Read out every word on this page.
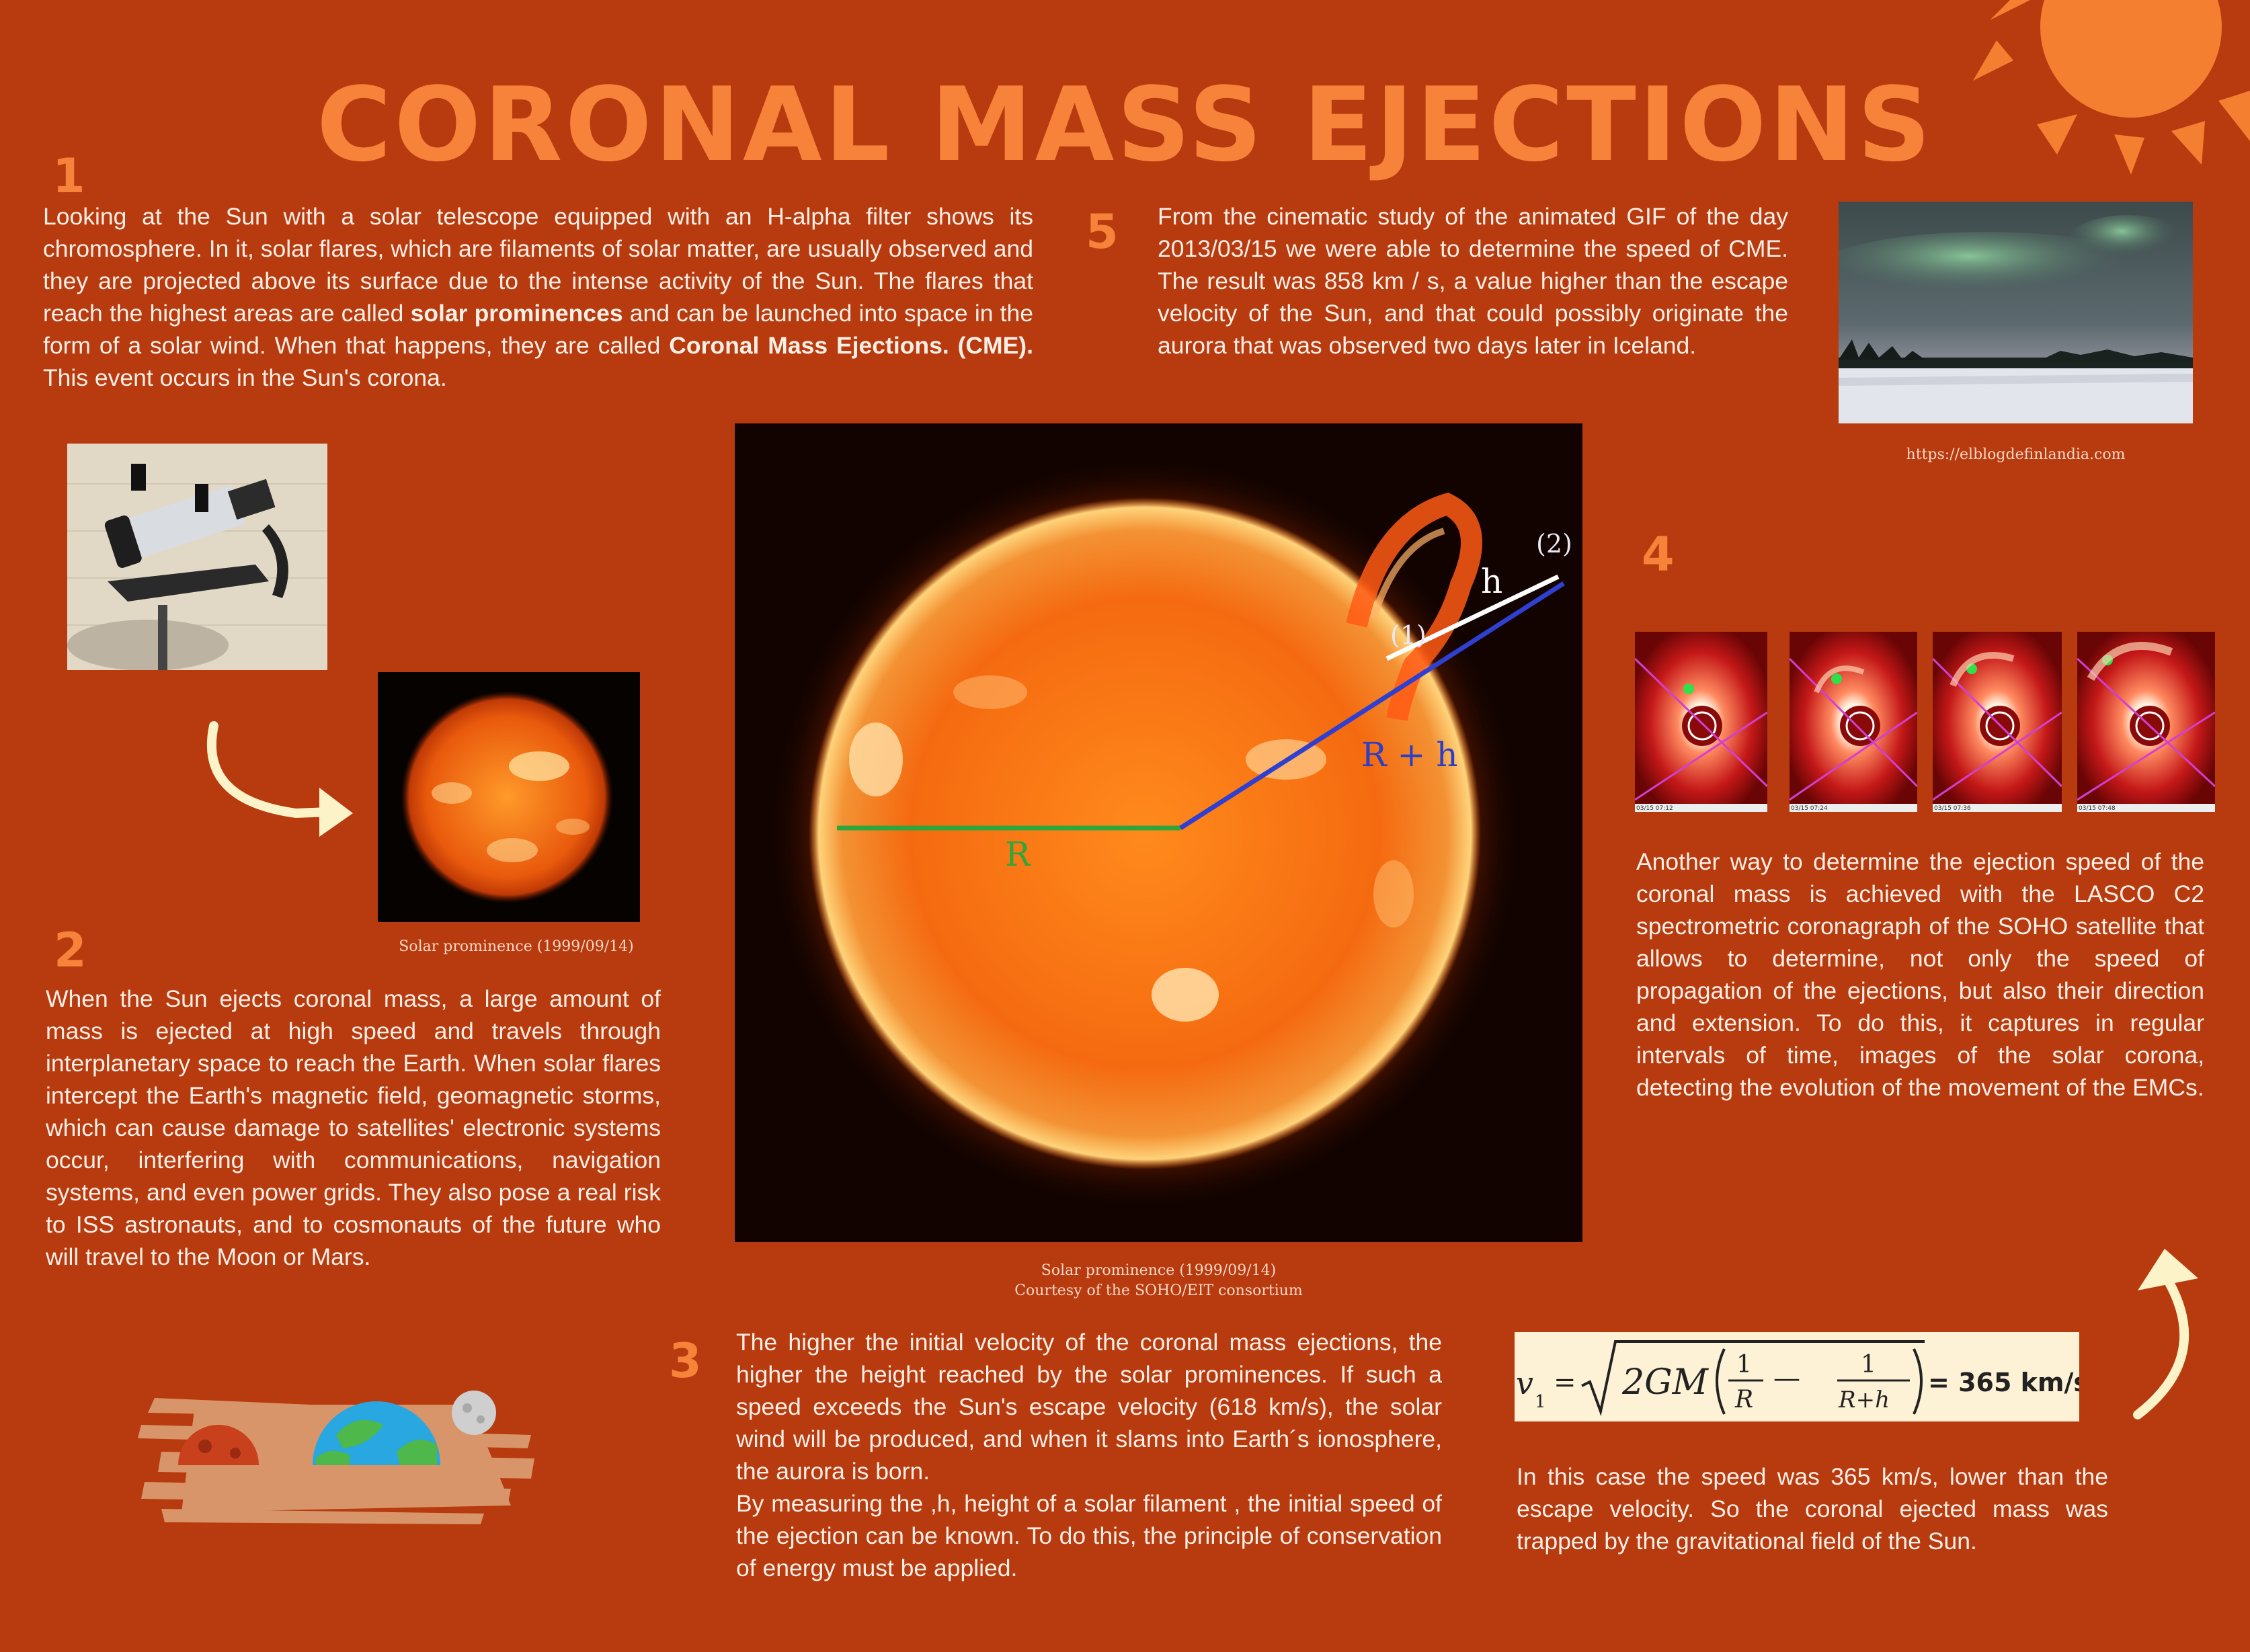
CORONAL MASS EJECTIONS
1
Looking at the Sun with a solar telescope equipped with an H-alpha filter shows its chromosphere. In it, solar flares, which are filaments of solar matter, are usually observed and they are projected above its surface due to the intense activity of the Sun. The flares that reach the highest areas are called solar prominences and can be launched into space in the form of a solar wind. When that happens, they are called Coronal Mass Ejections. (CME). This event occurs in the Sun's corona.
5 From the cinematic study of the animated GIF of the day 2013/03/15 we were able to determine the speed of CME. The result was 858 km / s, a value higher than the escape velocity of the Sun, and that could possibly originate the aurora that was observed two days later in Iceland.
https://elblogdefinlandia.com
Solar prominence (1999/09/14)
2
When the Sun ejects coronal mass, a large amount of mass is ejected at high speed and travels through interplanetary space to reach the Earth. When solar flares intercept the Earth's magnetic field, geomagnetic storms, which can cause damage to satellites' electronic systems occur, interfering with communications, navigation systems, and even power grids. They also pose a real risk to ISS astronauts, and to cosmonauts of the future who will travel to the Moon or Mars.
(1)
(2)
h
R + h
R
Solar prominence (1999/09/14)
Courtesy of the SOHO/EIT consortium
4
03/15 07:12	03/15 07:24	03/15 07:36	03/15 07:48
Another way to determine the ejection speed of the coronal mass is achieved with the LASCO C2 spectrometric coronagraph of the SOHO satellite that allows to determine, not only the speed of propagation of the ejections, but also their direction and extension. To do this, it captures in regular intervals of time, images of the solar corona, detecting the evolution of the movement of the EMCs.
3 The higher the initial velocity of the coronal mass ejections, the higher the height reached by the solar prominences. If such a speed exceeds the Sun's escape velocity (618 km/s), the solar wind will be produced, and when it slams into Earth´s ionosphere, the aurora is born.
By measuring the ,h, height of a solar filament , the initial speed of the ejection can be known. To do this, the principle of conservation of energy must be applied.
v
1
= 2GM 1
R
—	1
R+h
= 365 km/s
In this case the speed was 365 km/s, lower than the escape velocity. So the coronal ejected mass was trapped by the gravitational field of the Sun.
